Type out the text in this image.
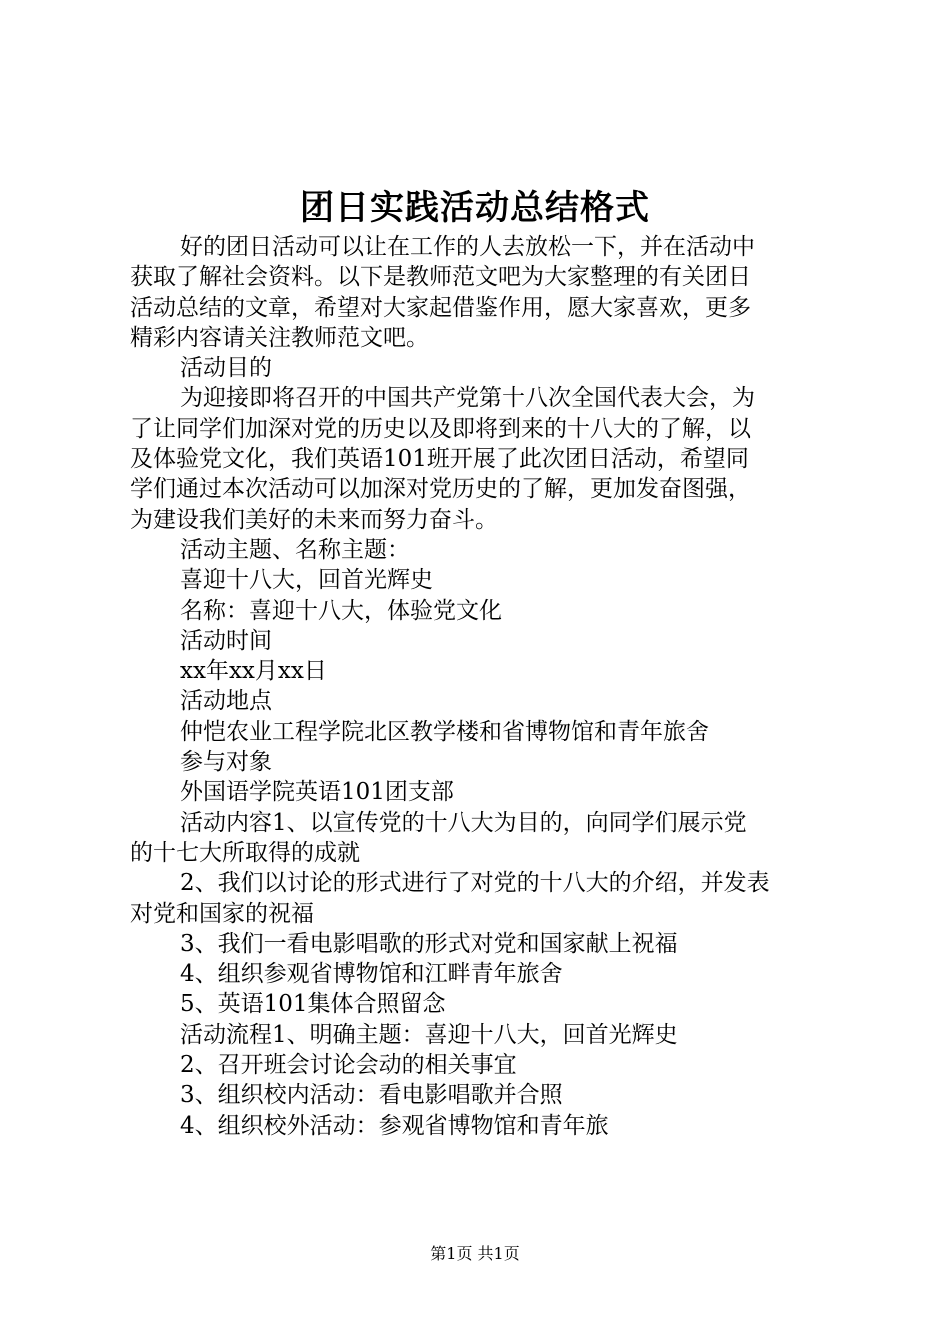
团日实践活动总结格式
好的团日活动可以让在工作的人去放松一下，并在活动中
获取了解社会资料。以下是教师范文吧为大家整理的有关团日
活动总结的文章，希望对大家起借鉴作用，愿大家喜欢，更多
精彩内容请关注教师范文吧。
活动目的
为迎接即将召开的中国共产党第十八次全国代表大会，为
了让同学们加深对党的历史以及即将到来的十八大的了解，以
及体验党文化，我们英语101班开展了此次团日活动，希望同
学们通过本次活动可以加深对党历史的了解，更加发奋图强，
为建设我们美好的未来而努力奋斗。
活动主题、名称主题：
喜迎十八大，回首光辉史
名称：喜迎十八大，体验党文化
活动时间
xx年xx月xx日
活动地点
仲恺农业工程学院北区教学楼和省博物馆和青年旅舍
参与对象
外国语学院英语101团支部
活动内容1、以宣传党的十八大为目的，向同学们展示党
的十七大所取得的成就
2、我们以讨论的形式进行了对党的十八大的介绍，并发表
对党和国家的祝福
3、我们一看电影唱歌的形式对党和国家献上祝福
4、组织参观省博物馆和江畔青年旅舍
5、英语101集体合照留念
活动流程1、明确主题：喜迎十八大，回首光辉史
2、召开班会讨论会动的相关事宜
3、组织校内活动：看电影唱歌并合照
4、组织校外活动：参观省博物馆和青年旅
第1页 共1页
